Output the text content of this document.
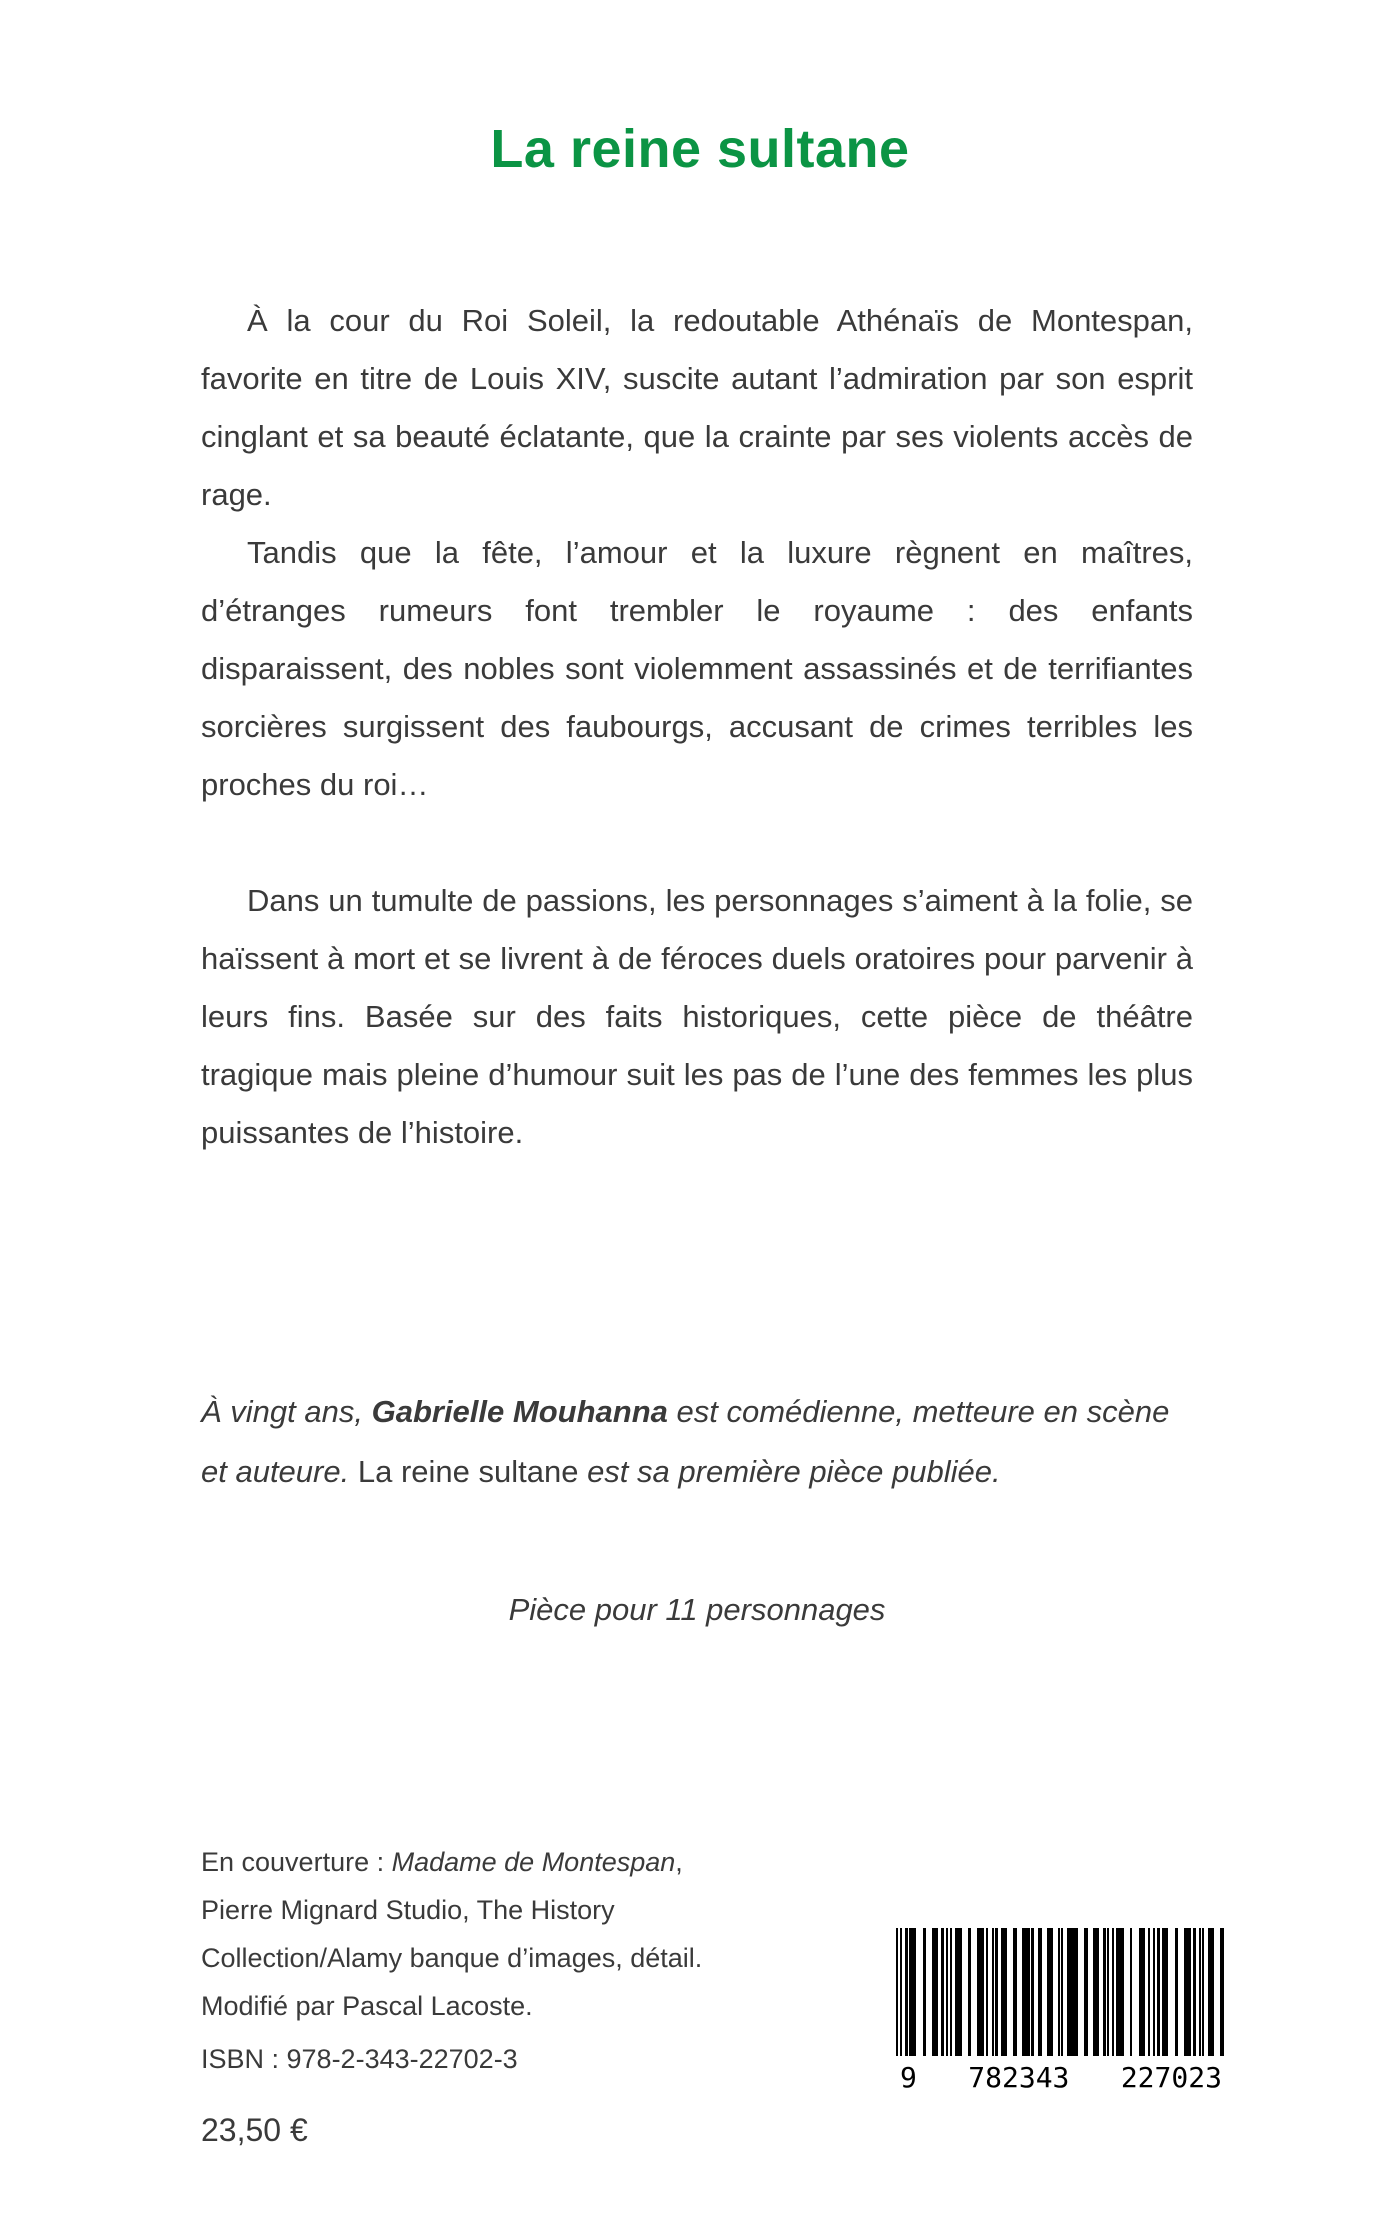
La reine sultane

À la cour du Roi Soleil, la redoutable Athénaïs de Montespan, favorite en titre de Louis XIV, suscite autant l’admiration par son esprit cinglant et sa beauté éclatante, que la crainte par ses violents accès de rage.

Tandis que la fête, l’amour et la luxure règnent en maîtres, d’étranges rumeurs font trembler le royaume : des enfants disparaissent, des nobles sont violemment assassinés et de terrifiantes sorcières surgissent des faubourgs, accusant de crimes terribles les proches du roi…

Dans un tumulte de passions, les personnages s’aiment à la folie, se haïssent à mort et se livrent à de féroces duels oratoires pour parvenir à leurs fins. Basée sur des faits historiques, cette pièce de théâtre tragique mais pleine d’humour suit les pas de l’une des femmes les plus puissantes de l’histoire.

À vingt ans, Gabrielle Mouhanna est comédienne, metteure en scène et auteure. La reine sultane est sa première pièce publiée.

Pièce pour 11 personnages

En couverture : Madame de Montespan,

Pierre Mignard Studio, The History

Collection/Alamy banque d’images, détail.

Modifié par Pascal Lacoste.

ISBN : 978-2-343-22702-3

23,50 €

9 782343 227023
